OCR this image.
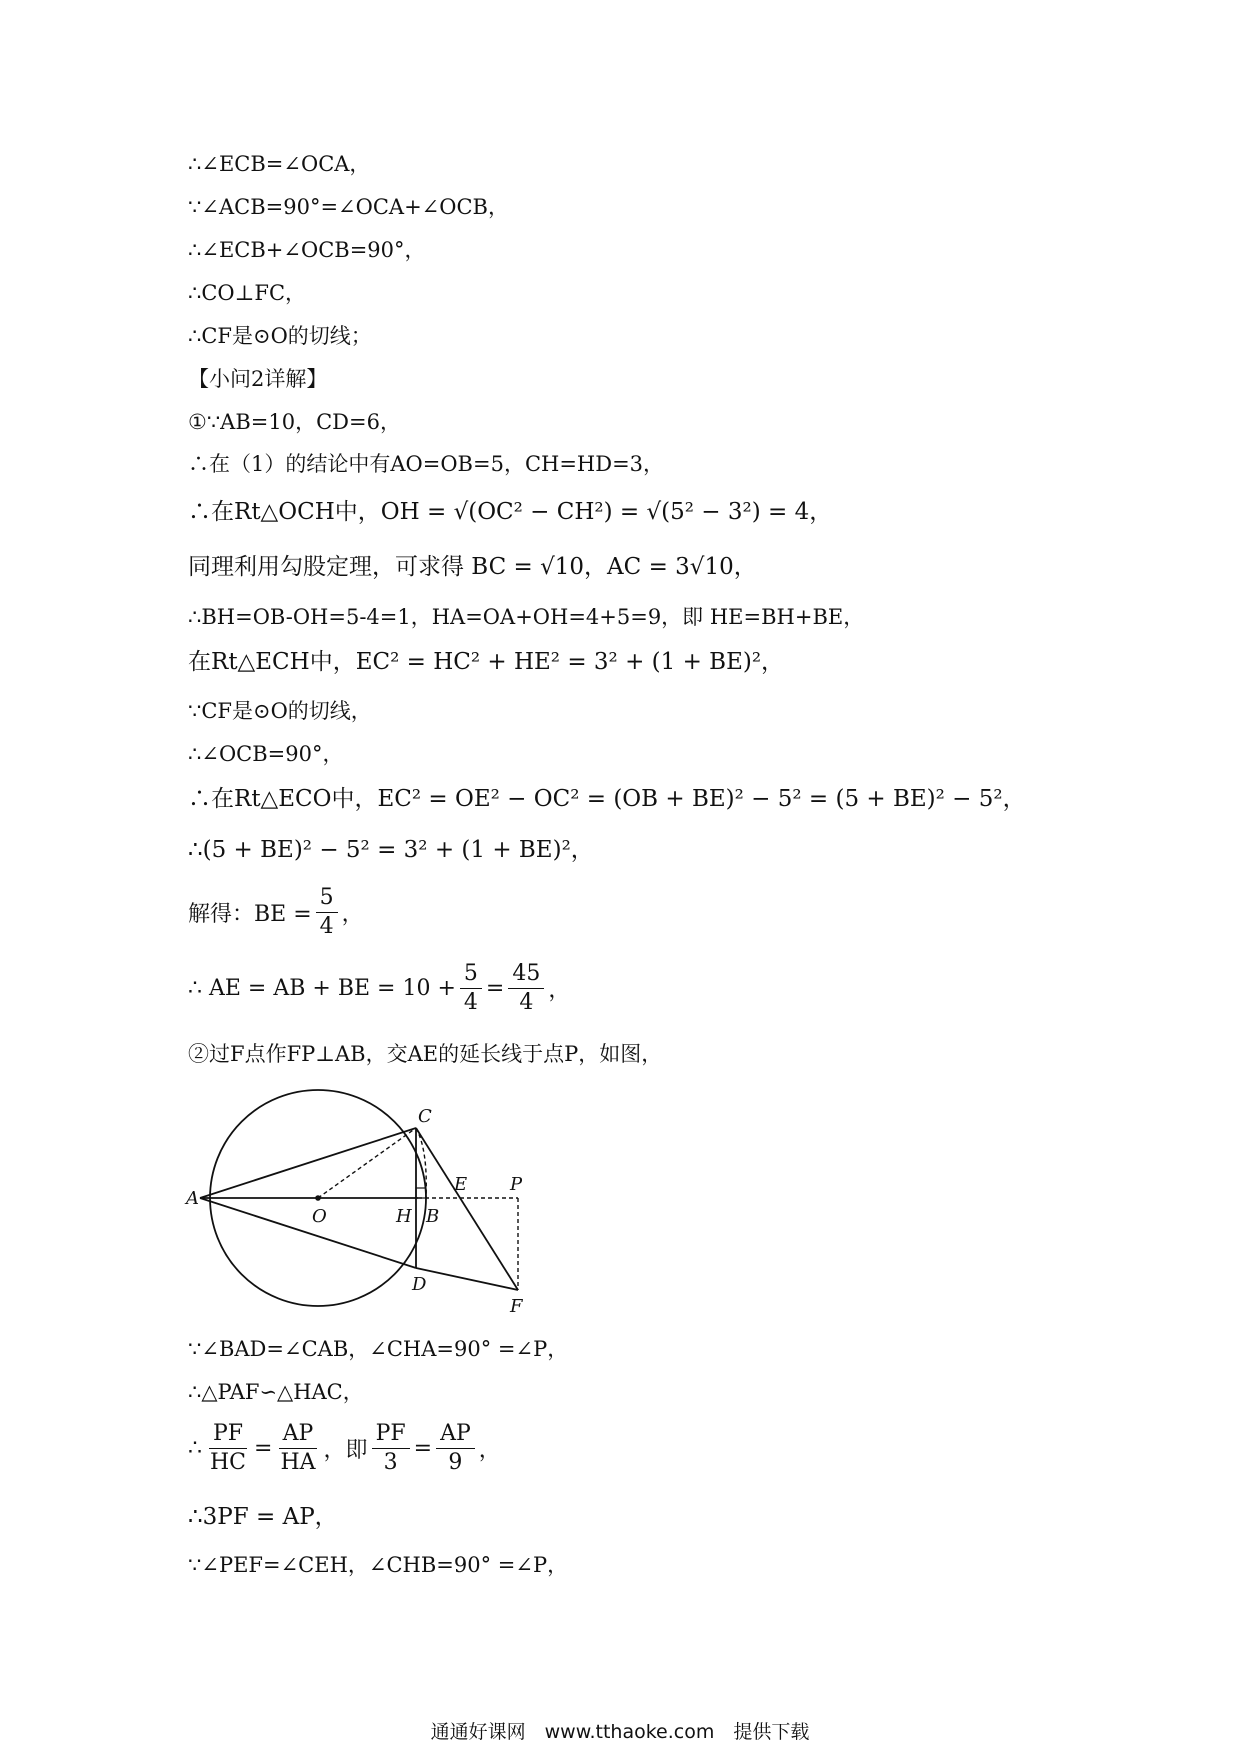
∴∠ECB=∠OCA，
∵∠ACB=90°=∠OCA+∠OCB，
∴∠ECB+∠OCB=90°，
∴CO⊥FC，
∴CF是⊙O的切线；
【小问2详解】
①∵AB=10，CD=6，
∴在（1）的结论中有AO=OB=5，CH=HD=3，
∴在Rt△OCH中，OH = √(OC² − CH²) = √(5² − 3²) = 4，
同理利用勾股定理，可求得 BC = √10，AC = 3√10，
∴BH=OB-OH=5-4=1，HA=OA+OH=4+5=9，即 HE=BH+BE，
在Rt△ECH中，EC² = HC² + HE² = 3² + (1 + BE)²，
∵CF是⊙O的切线，
∴∠OCB=90°，
∴在Rt△ECO中，EC² = OE² − OC² = (OB + BE)² − 5² = (5 + BE)² − 5²，
∴(5 + BE)² − 5² = 3² + (1 + BE)²，
解得：BE = $\frac{5}{4}$ ，
∴ AE = AB + BE = $10 + \frac{5}{4} = \frac{45}{4}$ ，
②过F点作FP⊥AB，交AE的延长线于点P，如图，
A
O	H B
C
D
E P
F
∵∠BAD=∠CAB，∠CHA=90° =∠P，
∴△PAF∽△HAC，
∴ $\frac{PF}{HC} = \frac{AP}{HA}$ ，即 $\frac{PF}{3} = \frac{AP}{9}$ ，
∴3PF = AP，
∵∠PEF=∠CEH，∠CHB=90° =∠P，
通通好课网　www.tthaoke.com　提供下载
